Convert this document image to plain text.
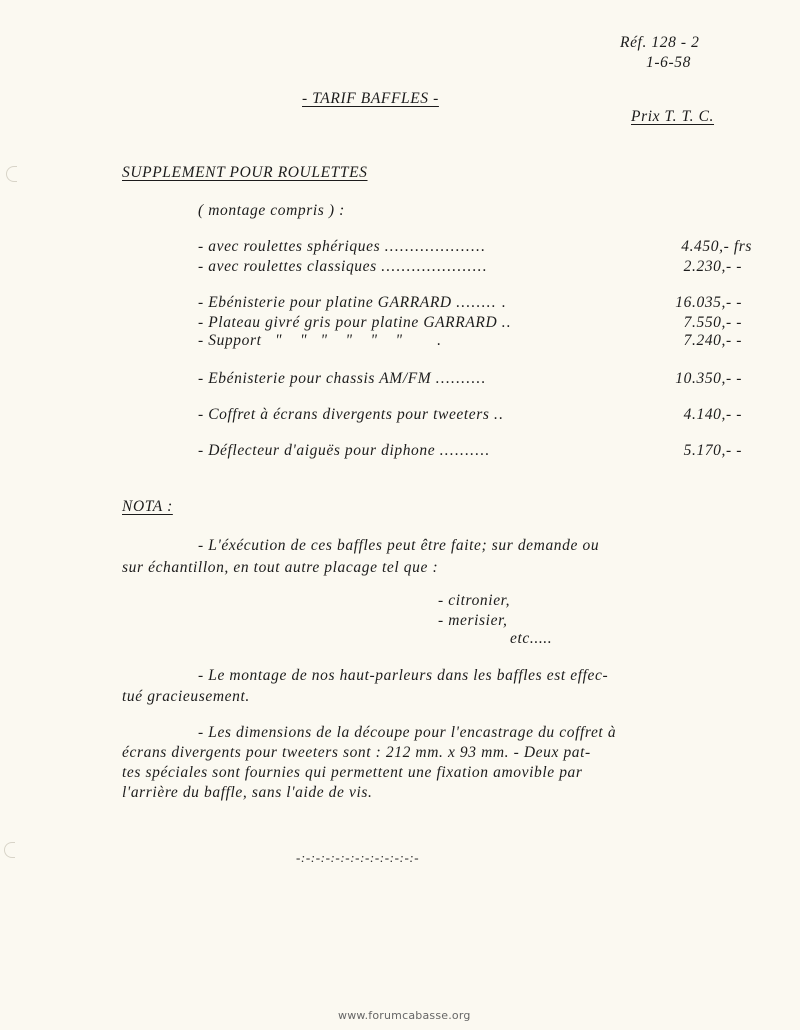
Réf. 128 - 2
1-6-58
- TARIF BAFFLES -
Prix T. T. C.
SUPPLEMENT POUR ROULETTES
( montage compris ) :
- avec roulettes sphériques ....................	4.450,- frs
- avec roulettes classiques .....................	2.230,- -
- Ebénisterie pour platine GARRARD ........ .	16.035,- -
- Plateau givré gris pour platine GARRARD ..	7.550,- -
- Support   "    "   "    "    "    " .	7.240,- -
- Ebénisterie pour chassis AM/FM ..........	10.350,- -
- Coffret à écrans divergents pour tweeters ..	4.140,- -
- Déflecteur d'aiguës pour diphone ..........	5.170,- -
NOTA :
- L'éxécution de ces baffles peut être faite; sur demande ou
sur échantillon, en tout autre placage tel que :
- citronier,
- merisier,
etc.....
- Le montage de nos haut-parleurs dans les baffles est effec-
tué gracieusement.
- Les dimensions de la découpe pour l'encastrage du coffret à
écrans divergents pour tweeters sont : 212 mm. x 93 mm. - Deux pat-
tes spéciales sont fournies qui permettent une fixation amovible par
l'arrière du baffle, sans l'aide de vis.
-:-:-:-:-:-:-:-:-:-:-:-:-
www.forumcabasse.org
